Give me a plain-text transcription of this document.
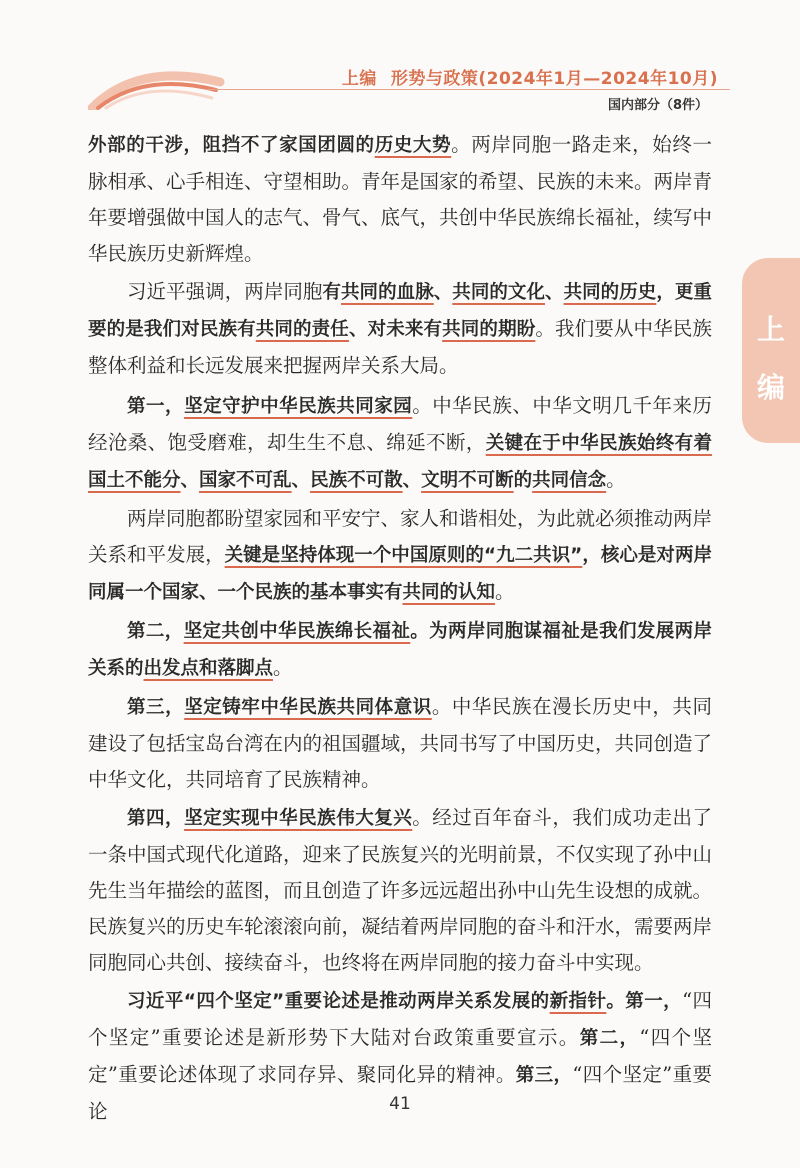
上编 形势与政策(2024年1月—2024年10月)
国内部分（8件）
上
编

外部的干涉，阻挡不了家国团圆的历史大势。两岸同胞一路走来，始终一脉相承、心手相连、守望相助。青年是国家的希望、民族的未来。两岸青年要增强做中国人的志气、骨气、底气，共创中华民族绵长福祉，续写中华民族历史新辉煌。

习近平强调，两岸同胞有共同的血脉、共同的文化、共同的历史，更重要的是我们对民族有共同的责任、对未来有共同的期盼。我们要从中华民族整体利益和长远发展来把握两岸关系大局。

第一，坚定守护中华民族共同家园。中华民族、中华文明几千年来历经沧桑、饱受磨难，却生生不息、绵延不断，关键在于中华民族始终有着国土不能分、国家不可乱、民族不可散、文明不可断的共同信念。

两岸同胞都盼望家园和平安宁、家人和谐相处，为此就必须推动两岸关系和平发展，关键是坚持体现一个中国原则的“九二共识”，核心是对两岸同属一个国家、一个民族的基本事实有共同的认知。

第二，坚定共创中华民族绵长福祉。为两岸同胞谋福祉是我们发展两岸关系的出发点和落脚点。

第三，坚定铸牢中华民族共同体意识。中华民族在漫长历史中，共同建设了包括宝岛台湾在内的祖国疆域，共同书写了中国历史，共同创造了中华文化，共同培育了民族精神。

第四，坚定实现中华民族伟大复兴。经过百年奋斗，我们成功走出了一条中国式现代化道路，迎来了民族复兴的光明前景，不仅实现了孙中山先生当年描绘的蓝图，而且创造了许多远远超出孙中山先生设想的成就。民族复兴的历史车轮滚滚向前，凝结着两岸同胞的奋斗和汗水，需要两岸同胞同心共创、接续奋斗，也终将在两岸同胞的接力奋斗中实现。

习近平“四个坚定”重要论述是推动两岸关系发展的新指针。第一，“四个坚定”重要论述是新形势下大陆对台政策重要宣示。第二，“四个坚定”重要论述体现了求同存异、聚同化异的精神。第三，“四个坚定”重要论	41
